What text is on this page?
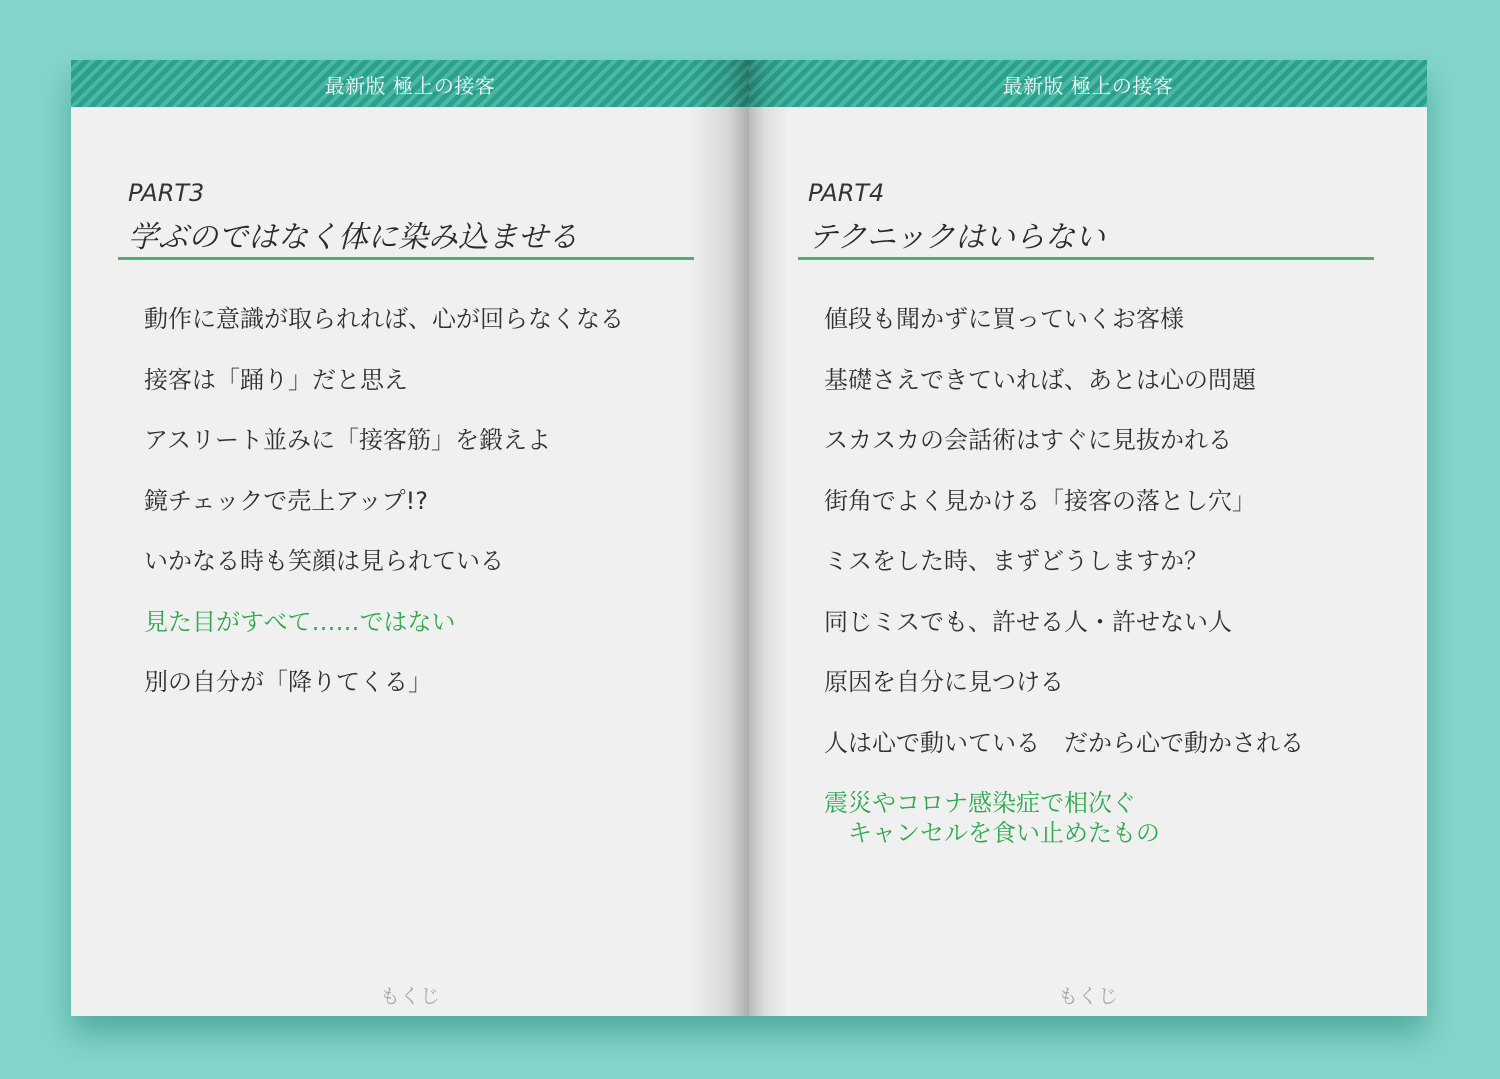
最新版 極上の接客
PART3
学ぶのではなく体に染み込ませる
動作に意識が取られれば、心が回らなくなる
接客は「踊り」だと思え
アスリート並みに「接客筋」を鍛えよ
鏡チェックで売上アップ!?
いかなる時も笑顔は見られている
見た目がすべて……ではない
別の自分が「降りてくる」
もくじ
最新版 極上の接客
PART4
テクニックはいらない
値段も聞かずに買っていくお客様
基礎さえできていれば、あとは心の問題
スカスカの会話術はすぐに見抜かれる
街角でよく見かける「接客の落とし穴」
ミスをした時、まずどうしますか？
同じミスでも、許せる人・許せない人
原因を自分に見つける
人は心で動いている　だから心で動かされる
震災やコロナ感染症で相次ぐ
　キャンセルを食い止めたもの
もくじ
